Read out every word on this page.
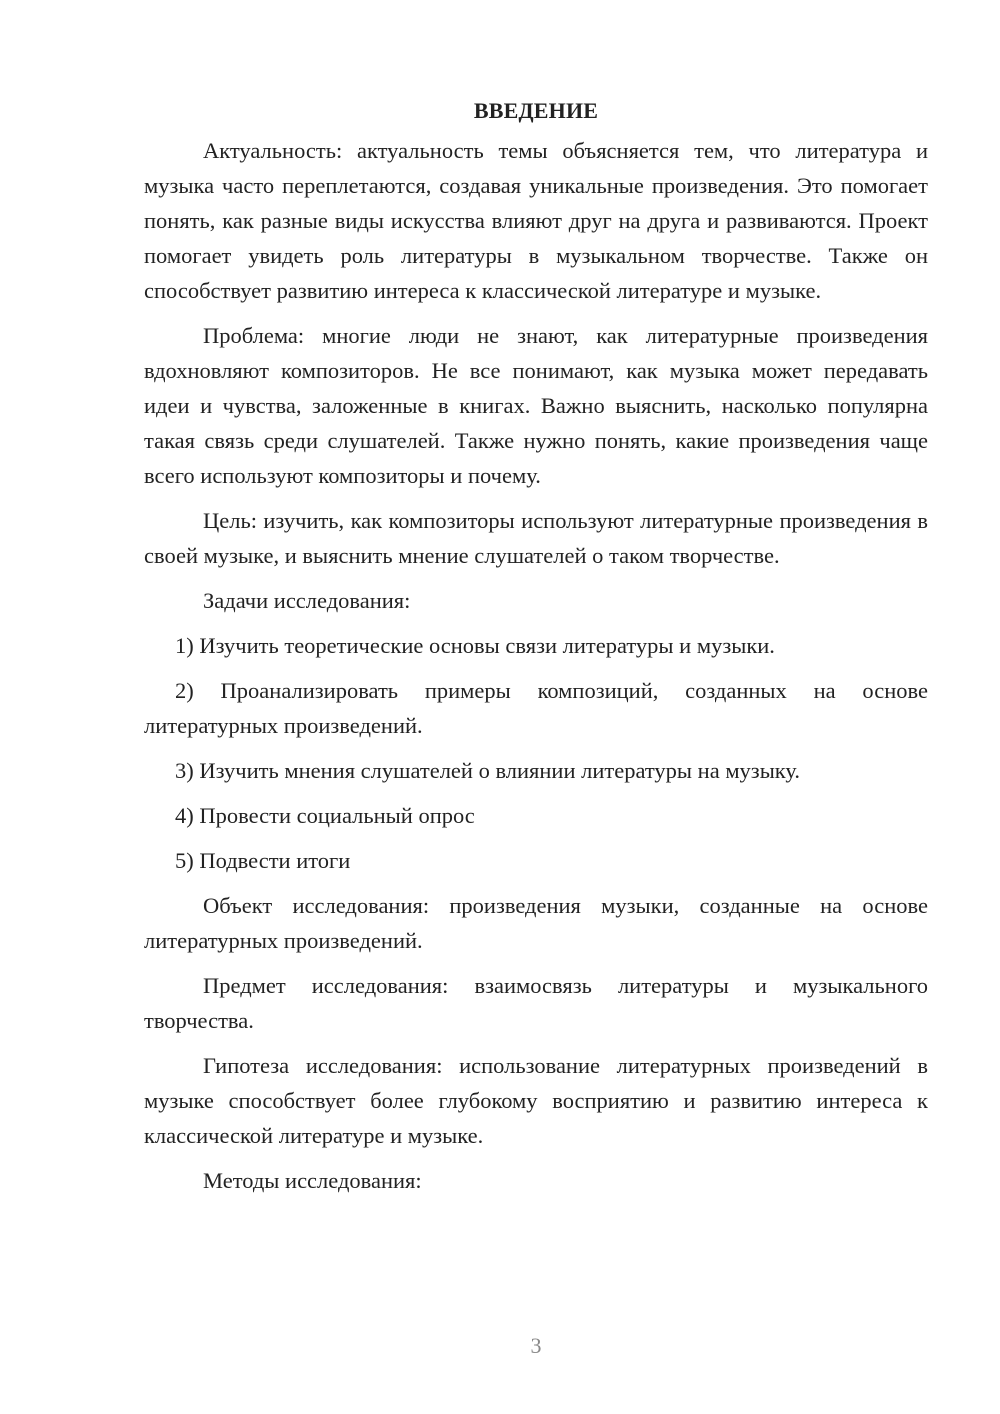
ВВЕДЕНИЕ

Актуальность: актуальность темы объясняется тем, что литература и музыка часто переплетаются, создавая уникальные произведения. Это помогает понять, как разные виды искусства влияют друг на друга и развиваются. Проект помогает увидеть роль литературы в музыкальном творчестве. Также он способствует развитию интереса к классической литературе и музыке.

Проблема: многие люди не знают, как литературные произведения вдохновляют композиторов. Не все понимают, как музыка может передавать идеи и чувства, заложенные в книгах. Важно выяснить, насколько популярна такая связь среди слушателей. Также нужно понять, какие произведения чаще всего используют композиторы и почему.

Цель: изучить, как композиторы используют литературные произведения в своей музыке, и выяснить мнение слушателей о таком творчестве.

Задачи исследования:

1) Изучить теоретические основы связи литературы и музыки.

2) Проанализировать примеры композиций, созданных на основе литературных произведений.

3) Изучить мнения слушателей о влиянии литературы на музыку.

4) Провести социальный опрос

5) Подвести итоги

Объект исследования: произведения музыки, созданные на основе литературных произведений.

Предмет исследования: взаимосвязь литературы и музыкального творчества.

Гипотеза исследования: использование литературных произведений в музыке способствует более глубокому восприятию и развитию интереса к классической литературе и музыке.

Методы исследования:

3
